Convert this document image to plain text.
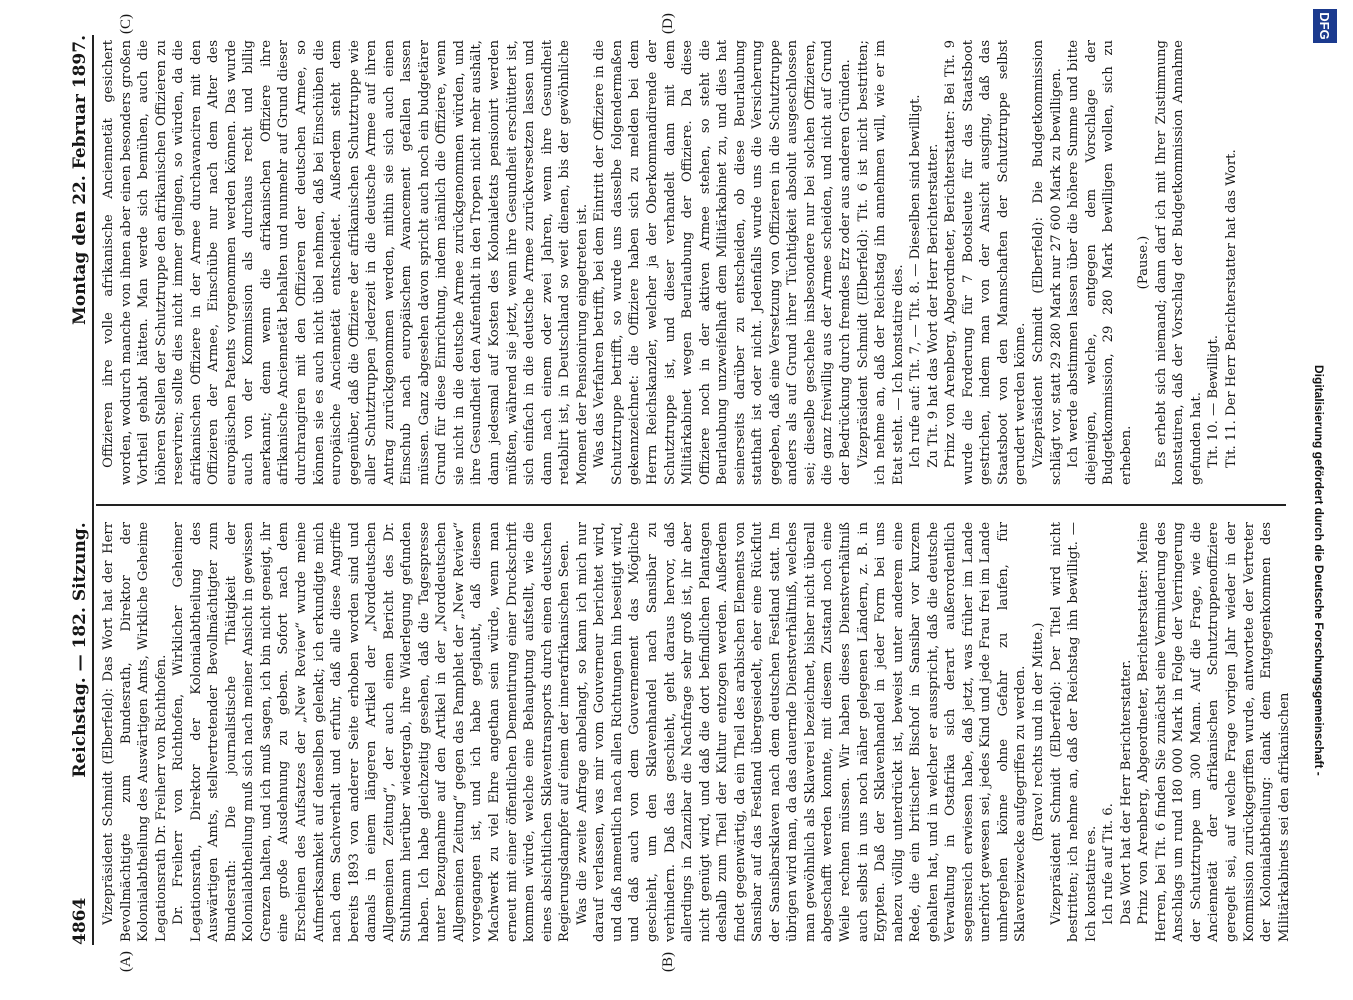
4864
Reichstag. — 182. Sitzung.
Montag den 22. Februar 1897.
(A)	(B)
(C)	(D)

Vizepräsident Schmidt (Elberfeld): Das Wort hat der Herr Bevollmächtigte zum Bundesrath, Direktor der Kolonialabtheilung des Auswärtigen Amts, Wirkliche Geheime Legationsrath Dr. Freiherr von Richthofen. Dr. Freiherr von Richthofen, Wirklicher Geheimer Legationsrath, Direktor der Kolonialabtheilung des Auswärtigen Amts, stellvertretender Bevollmächtigter zum Bundesrath: Die journalistische Thätigkeit der Kolonialabtheilung muß sich nach meiner Ansicht in gewissen Grenzen halten, und ich muß sagen, ich bin nicht geneigt, ihr eine große Ausdehnung zu geben. Sofort nach dem Erscheinen des Aufsatzes der „New Review“ wurde meine Aufmerksamkeit auf denselben gelenkt; ich erkundigte mich nach dem Sachverhalt und erfuhr, daß alle diese Angriffe bereits 1893 von anderer Seite erhoben worden sind und damals in einem längeren Artikel der „Norddeutschen Allgemeinen Zeitung“, der auch einen Bericht des Dr. Stuhlmann hierüber wiedergab, ihre Widerlegung gefunden haben. Ich habe gleichzeitig gesehen, daß die Tagespresse unter Bezugnahme auf den Artikel in der „Norddeutschen Allgemeinen Zeitung“ gegen das Pamphlet der „New Review“ vorgegangen ist, und ich habe geglaubt, daß diesem Machwerk zu viel Ehre angethan sein würde, wenn man erneut mit einer öffentlichen Dementirung einer Druckschrift kommen würde, welche eine Behauptung aufstellt, wie die eines absichtlichen Sklaventransports durch einen deutschen Regierungsdampfer auf einem der innerafrikanischen Seen. Was die zweite Anfrage anbelangt, so kann ich mich nur darauf verlassen, was mir vom Gouverneur berichtet wird, und daß namentlich nach allen Richtungen hin beseitigt wird, und daß auch von dem Gouvernement das Mögliche geschieht, um den Sklavenhandel nach Sansibar zu verhindern. Daß das geschieht, geht daraus hervor, daß allerdings in Zanzibar die Nachfrage sehr groß ist, ihr aber nicht genügt wird, und daß die dort befindlichen Plantagen deshalb zum Theil der Kultur entzogen werden. Außerdem findet gegenwärtig, da ein Theil des arabischen Elements von Sansibar auf das Festland übergesiedelt, eher eine Rückflut der Sansibarsklaven nach dem deutschen Festland statt. Im übrigen wird man, da das dauernde Dienstverhältniß, welches man gewöhnlich als Sklaverei bezeichnet, bisher nicht überall abgeschafft werden konnte, mit diesem Zustand noch eine Weile rechnen müssen. Wir haben dieses Dienstverhältniß auch selbst in uns noch näher gelegenen Ländern, z. B. in Egypten. Daß der Sklavenhandel in jeder Form bei uns nahezu völlig unterdrückt ist, beweist unter anderem eine Rede, die ein britischer Bischof in Sansibar vor kurzem gehalten hat, und in welcher er ausspricht, daß die deutsche Verwaltung in Ostafrika sich derart außerordentlich segensreich erwiesen habe, daß jetzt, was früher im Lande unerhört gewesen sei, jedes Kind und jede Frau frei im Lande umhergehen könne ohne Gefahr zu laufen, für Sklavereizwecke aufgegriffen zu werden. (Bravo! rechts und in der Mitte.) Vizepräsident Schmidt (Elberfeld): Der Titel wird nicht bestritten; ich nehme an, daß der Reichstag ihn bewilligt. — Ich konstatire es. Ich rufe auf Tit. 6. Das Wort hat der Herr Berichterstatter. Prinz von Arenberg, Abgeordneter, Berichterstatter: Meine Herren, bei Tit. 6 finden Sie zunächst eine Verminderung des Anschlags um rund 180 000 Mark in Folge der Verringerung der Schutztruppe um 300 Mann. Auf die Frage, wie die Anciennetät der afrikanischen Schutztruppenoffiziere geregelt sei, auf welche Frage vorigen Jahr wieder in der Kommission zurückgegriffen wurde, antwortete der Vertreter der Kolonialabtheilung: dank dem Entgegenkommen des Militärkabinets sei den afrikanischen

Offizieren ihre volle afrikanische Anciennetät gesichert worden, wodurch manche von ihnen aber einen besonders großen Vortheil gehabt hätten. Man werde sich bemühen, auch die höheren Stellen der Schutztruppe den afrikanischen Offizieren zu reserviren; sollte dies nicht immer gelingen, so würden, da die afrikanischen Offiziere in der Armee durchavanciren mit den Offizieren der Armee, Einschübe nur nach dem Alter des europäischen Patents vorgenommen werden können. Das wurde auch von der Kommission als durchaus recht und billig anerkannt; denn wenn die afrikanischen Offiziere ihre afrikanische Anciennetät behalten und nunmehr auf Grund dieser durchrangiren mit den Offizieren der deutschen Armee, so können sie es auch nicht übel nehmen, daß bei Einschüben die europäische Anciennetät entscheidet. Außerdem steht dem gegenüber, daß die Offiziere der afrikanischen Schutztruppe wie aller Schutztruppen jederzeit in die deutsche Armee auf ihren Antrag zurückgenommen werden, mithin sie sich auch einen Einschub nach europäischem Avancement gefallen lassen müssen. Ganz abgesehen davon spricht auch noch ein budgetärer Grund für diese Einrichtung, indem nämlich die Offiziere, wenn sie nicht in die deutsche Armee zurückgenommen würden, und ihre Gesundheit den Aufenthalt in den Tropen nicht mehr aushält, dann jedesmal auf Kosten des Kolonialetats pensionirt werden müßten, während sie jetzt, wenn ihre Gesundheit erschüttert ist, sich einfach in die deutsche Armee zurückversetzen lassen und dann nach einem oder zwei Jahren, wenn ihre Gesundheit retablirt ist, in Deutschland so weit dienen, bis der gewöhnliche Moment der Pensionirung eingetreten ist. Was das Verfahren betrifft, bei dem Eintritt der Offiziere in die Schutztruppe betrifft, so wurde uns dasselbe folgendermaßen gekennzeichnet: die Offiziere haben sich zu melden bei dem Herrn Reichskanzler, welcher ja der Oberkommandirende der Schutztruppe ist, und dieser verhandelt dann mit dem Militärkabinet wegen Beurlaubung der Offiziere. Da diese Offiziere noch in der aktiven Armee stehen, so steht die Beurlaubung unzweifelhaft dem Militärkabinet zu, und dies hat seinerseits darüber zu entscheiden, ob diese Beurlaubung statthaft ist oder nicht. Jedenfalls wurde uns die Versicherung gegeben, daß eine Versetzung von Offizieren in die Schutztruppe anders als auf Grund ihrer Tüchtigkeit absolut ausgeschlossen sei; dieselbe geschehe insbesondere nur bei solchen Offizieren, die ganz freiwillig aus der Armee scheiden, und nicht auf Grund der Bedrückung durch fremdes Erz oder aus anderen Gründen. Vizepräsident Schmidt (Elberfeld): Tit. 6 ist nicht bestritten; ich nehme an, daß der Reichstag ihn annehmen will, wie er im Etat steht. — Ich konstatire dies. Ich rufe auf: Tit. 7, — Tit. 8. — Dieselben sind bewilligt. Zu Tit. 9 hat das Wort der Herr Berichterstatter. Prinz von Arenberg, Abgeordneter, Berichterstatter: Bei Tit. 9 wurde die Forderung für 7 Bootsleute für das Staatsboot gestrichen, indem man von der Ansicht ausging, daß das Staatsboot von den Mannschaften der Schutztruppe selbst gerudert werden könne. Vizepräsident Schmidt (Elberfeld): Die Budgetkommission schlägt vor, statt 29 280 Mark nur 27 600 Mark zu bewilligen. Ich werde abstimmen lassen über die höhere Summe und bitte diejenigen, welche, entgegen dem Vorschlage der Budgetkommission, 29 280 Mark bewilligen wollen, sich zu erheben.

(Pause.) Es erhebt sich niemand; dann darf ich mit Ihrer Zustimmung konstatiren, daß der Vorschlag der Budgetkommission Annahme gefunden hat. Tit. 10. — Bewilligt. Tit. 11. Der Herr Berichterstatter hat das Wort.

DFG
Digitalisierung gefördert durch die Deutsche Forschungsgemeinschaft -
